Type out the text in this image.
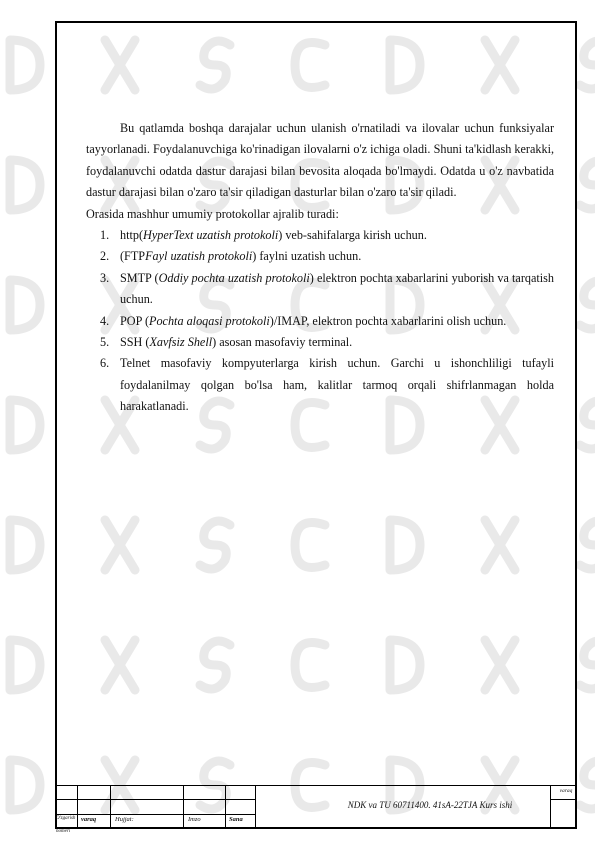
Bu qatlamda boshqa darajalar uchun ulanish o'rnatiladi va ilovalar uchun funksiyalar tayyorlanadi. Foydalanuvchiga ko'rinadigan ilovalarni o'z ichiga oladi. Shuni ta'kidlash kerakki, foydalanuvchi odatda dastur darajasi bilan bevosita aloqada bo'lmaydi. Odatda u o'z navbatida dastur darajasi bilan o'zaro ta'sir qiladigan dasturlar bilan o'zaro ta'sir qiladi.

Orasida mashhur umumiy protokollar ajralib turadi:

1. http(HyperText uzatish protokoli) veb-sahifalarga kirish uchun.
2. (FTPFayl uzatish protokoli) faylni uzatish uchun.
3. SMTP (Oddiy pochta uzatish protokoli) elektron pochta xabarlarini yuborish va tarqatish uchun.
4. POP (Pochta aloqasi protokoli)/IMAP, elektron pochta xabarlarini olish uchun.
5. SSH (Xavfsiz Shell) asosan masofaviy terminal.
6. Telnet masofaviy kompyuterlarga kirish uchun. Garchi u ishonchliligi tufayli foydalanilmay qolgan bo'lsa ham, kalitlar tarmoq orqali shifrlanmagan holda harakatlanadi.
O'zgarish varaq	Hujjat:	Imzo	Sana
NDK va TU 60711400. 41sA-22TJA Kurs ishi
varaq
nomeri
